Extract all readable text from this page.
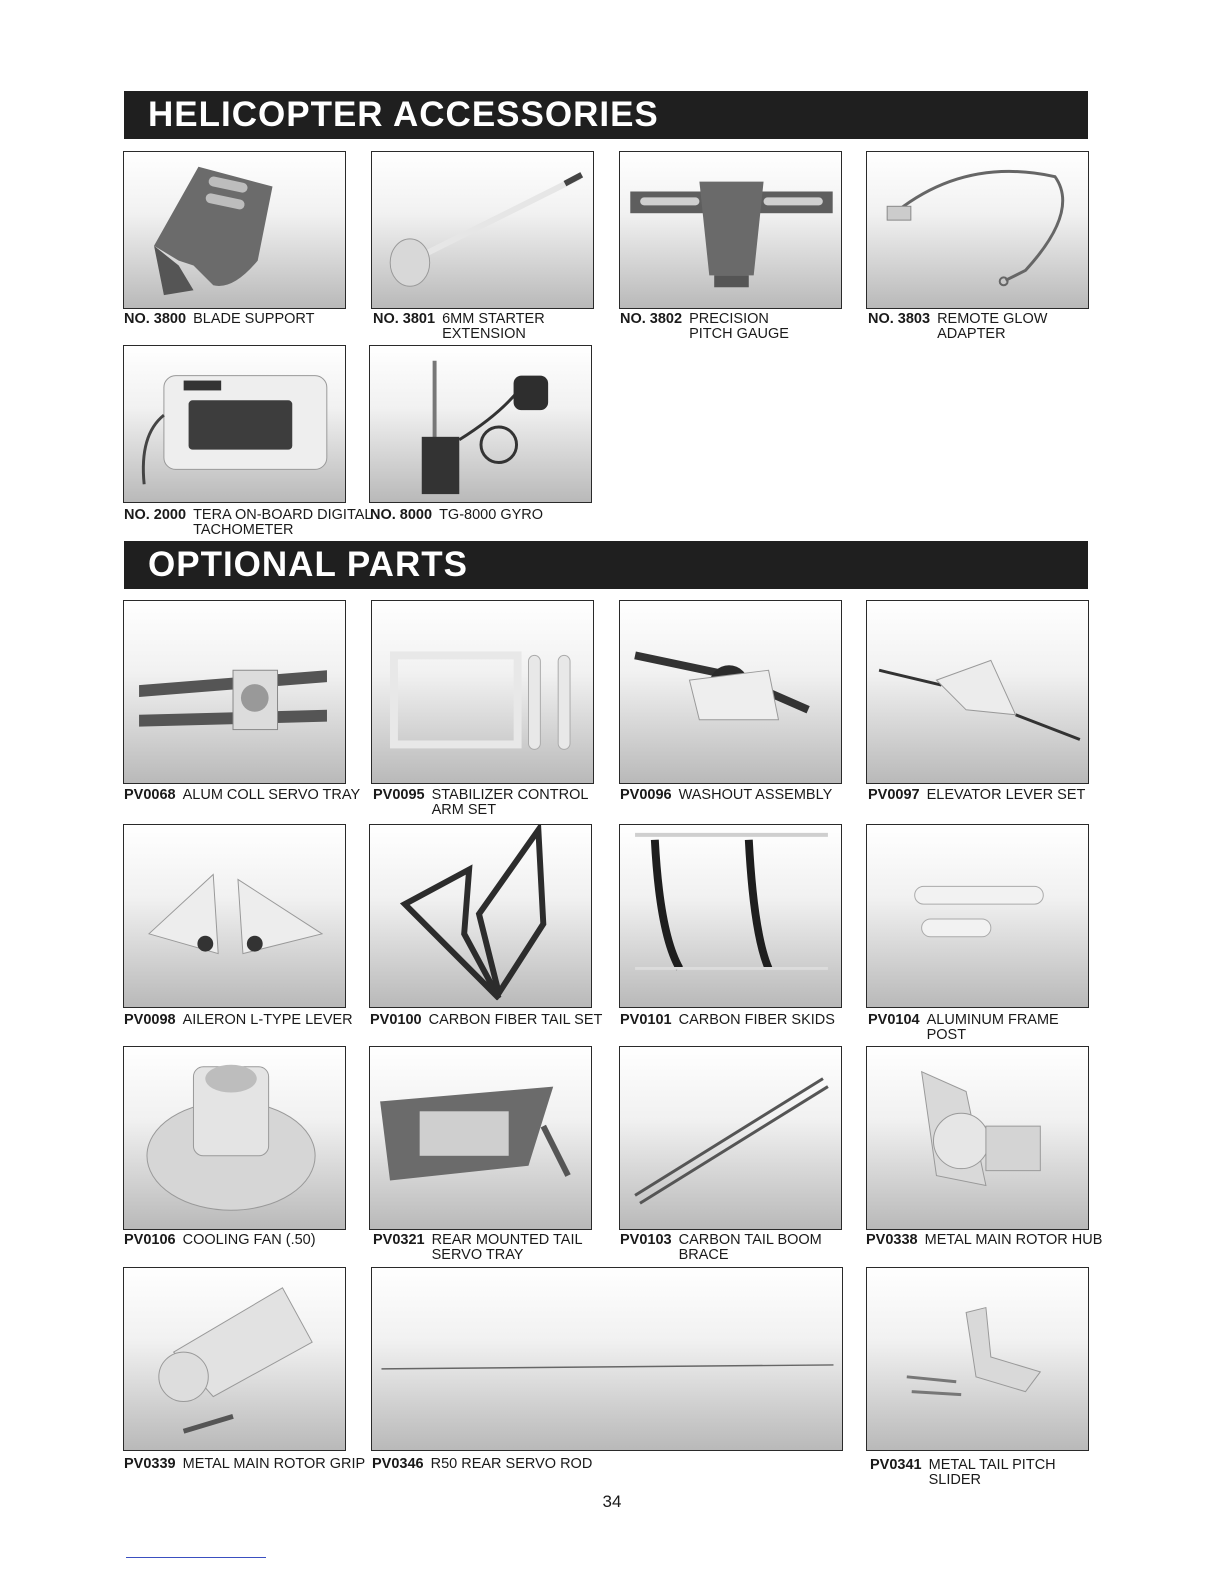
HELICOPTER ACCESSORIES
NO. 3800 BLADE SUPPORT	NO. 3801 6MM STARTER
EXTENSION
NO. 3802 PRECISION
PITCH GAUGE
NO. 3803 REMOTE GLOW
ADAPTER
NO. 2000 TERA ON-BOARD DIGITAL
TACHOMETER
NO. 8000 TG-8000 GYRO
OPTIONAL PARTS
PV0068 ALUM COLL SERVO TRAY PV0095 STABILIZER CONTROL
ARM SET
PV0096 WASHOUT ASSEMBLY PV0097 ELEVATOR LEVER SET
PV0098 AILERON L-TYPE LEVER PV0100 CARBON FIBER TAIL SET PV0101 CARBON FIBER SKIDS PV0104 ALUMINUM FRAME
POST
PV0106 COOLING FAN (.50)	PV0321 REAR MOUNTED TAIL
SERVO TRAY
PV0103 CARBON TAIL BOOM
BRACE
PV0338 METAL MAIN ROTOR HUB
PV0339 METAL MAIN ROTOR GRIP PV0346 R50 REAR SERVO ROD	PV0341 METAL TAIL PITCH
SLIDER
34
